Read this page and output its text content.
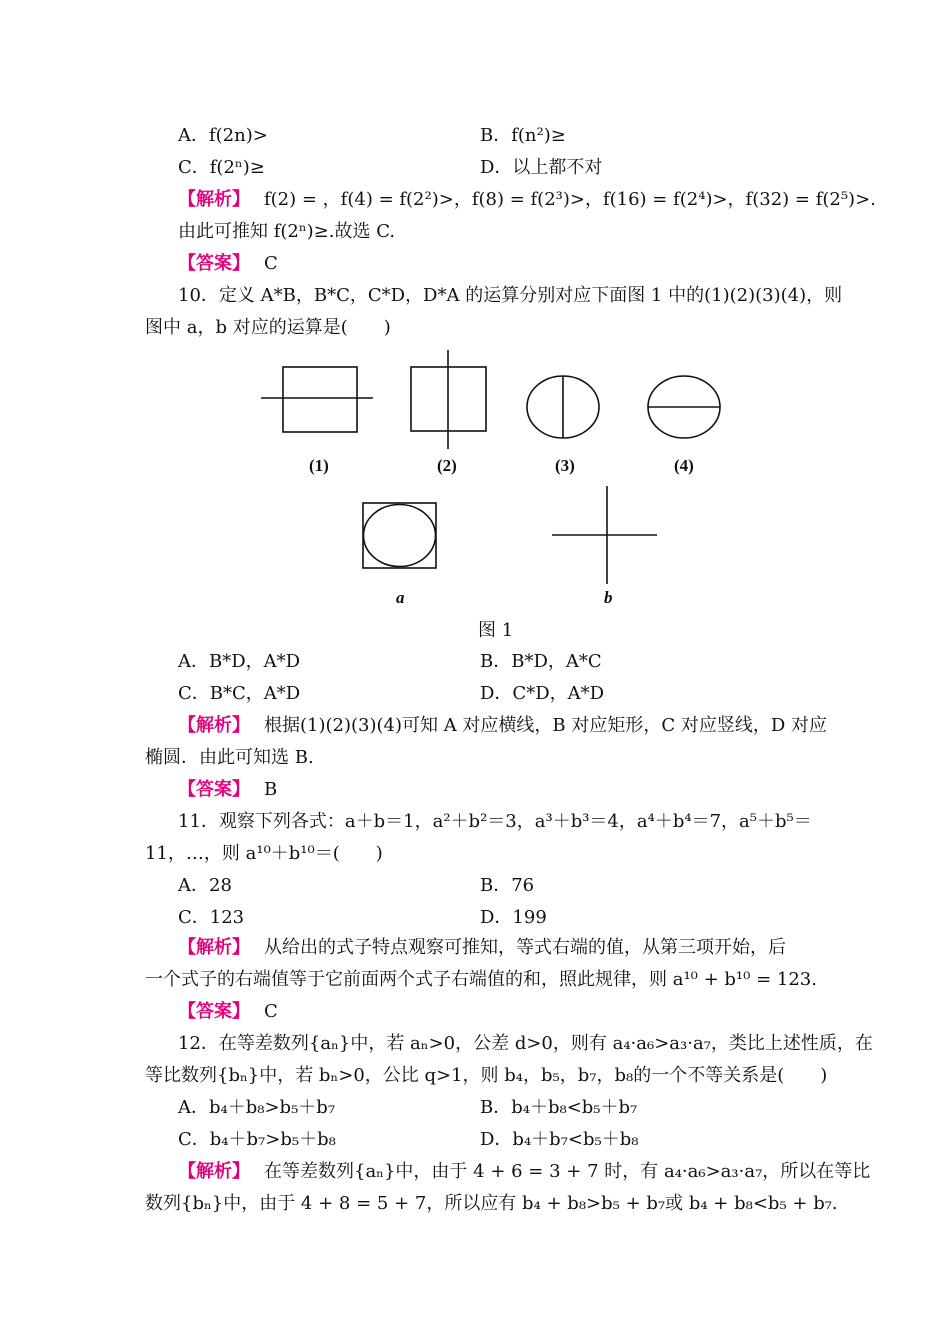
A．f(2n)>	B．f(n²)≥
C．f(2ⁿ)≥	D．以上都不对
【解析】 f(2) = ，f(4) = f(2²)>，f(8) = f(2³)>，f(16) = f(2⁴)>，f(32) = f(2⁵)>.
由此可推知 f(2ⁿ)≥.故选 C.
【答案】 C
10．定义 A*B，B*C，C*D，D*A 的运算分别对应下面图 1 中的(1)(2)(3)(4)，则
图中 a，b 对应的运算是(　　)
(1)	(2)	(3)	(4)
a	b
图 1
A．B*D，A*D	B．B*D，A*C
C．B*C，A*D	D．C*D，A*D
【解析】 根据(1)(2)(3)(4)可知 A 对应横线，B 对应矩形，C 对应竖线，D 对应
椭圆．由此可知选 B.
【答案】 B
11．观察下列各式：a＋b＝1，a²＋b²＝3，a³＋b³＝4，a⁴＋b⁴＝7，a⁵＋b⁵＝
11，…，则 a¹⁰＋b¹⁰＝(　　)
A．28	B．76
C．123	D．199
【解析】 从给出的式子特点观察可推知，等式右端的值，从第三项开始，后
一个式子的右端值等于它前面两个式子右端值的和，照此规律，则 a¹⁰ + b¹⁰ = 123.
【答案】 C
12．在等差数列{aₙ}中，若 aₙ>0，公差 d>0，则有 a₄·a₆>a₃·a₇，类比上述性质，在
等比数列{bₙ}中，若 bₙ>0，公比 q>1，则 b₄，b₅，b₇，b₈的一个不等关系是(　　)
A．b₄＋b₈>b₅＋b₇	B．b₄＋b₈<b₅＋b₇
C．b₄＋b₇>b₅＋b₈	D．b₄＋b₇<b₅＋b₈
【解析】 在等差数列{aₙ}中，由于 4 + 6 = 3 + 7 时，有 a₄·a₆>a₃·a₇，所以在等比
数列{bₙ}中，由于 4 + 8 = 5 + 7，所以应有 b₄ + b₈>b₅ + b₇或 b₄ + b₈<b₅ + b₇.
